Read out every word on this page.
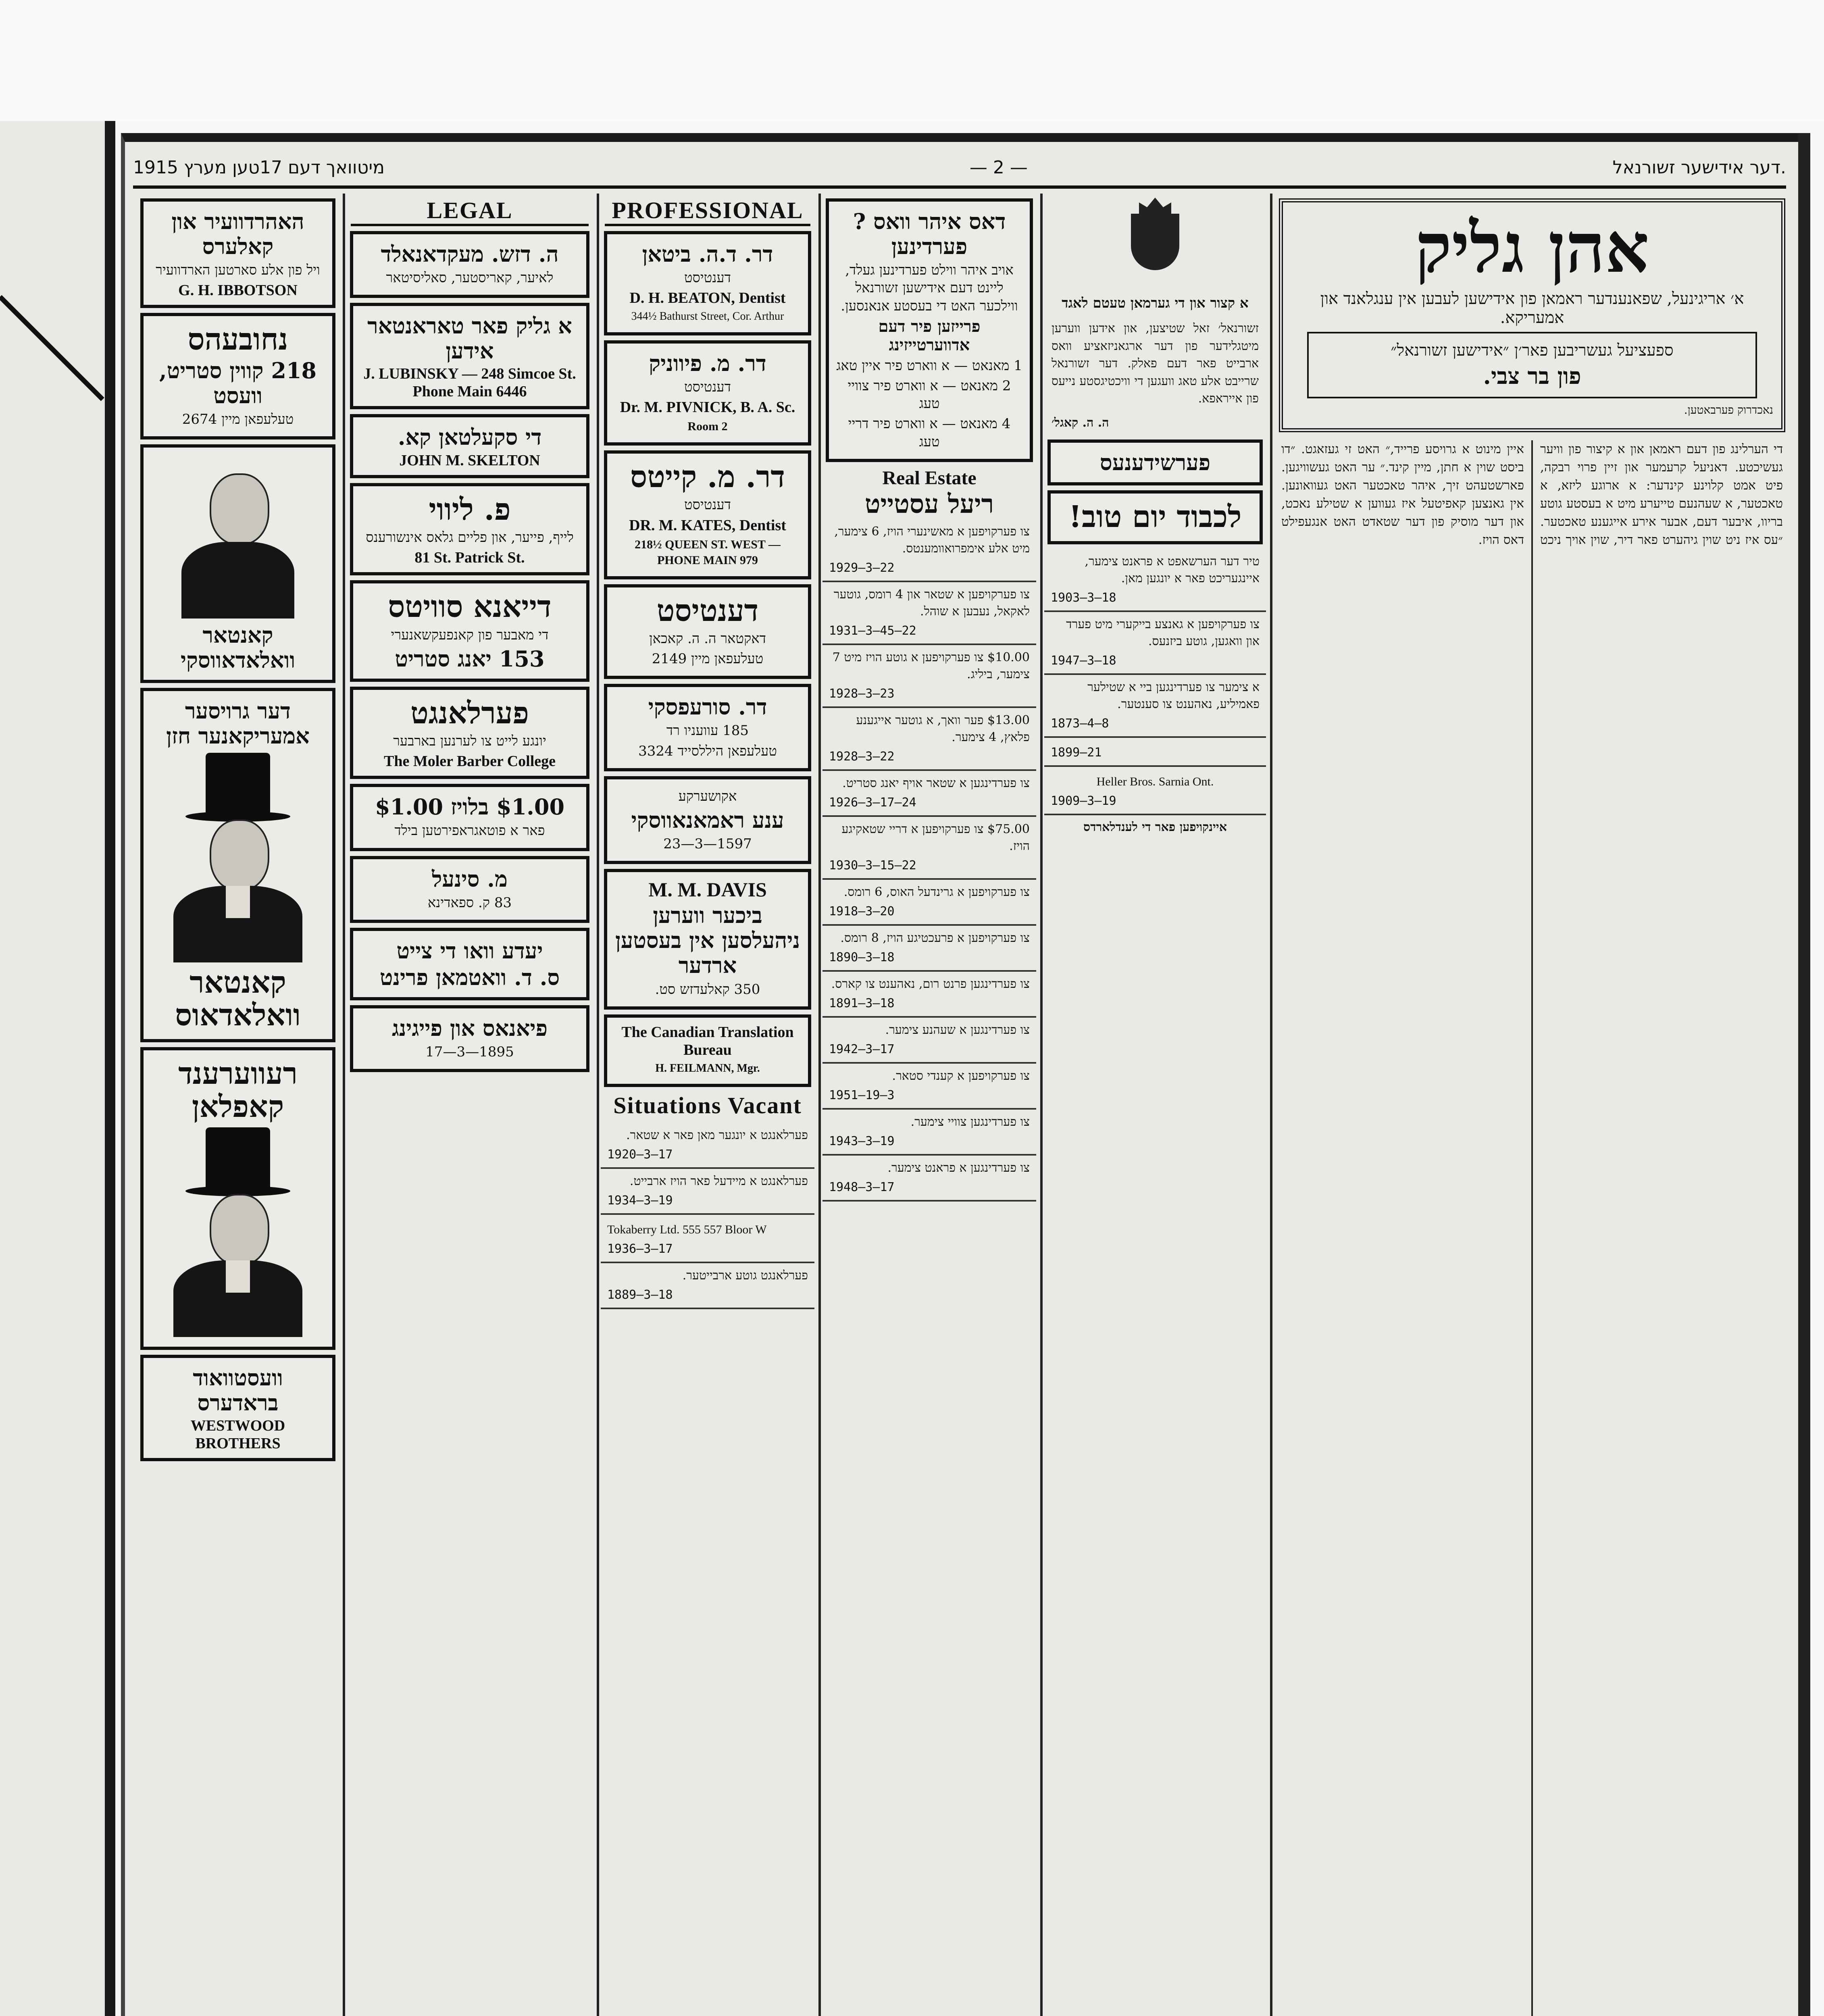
מיטוואך דעם 17טען מערץ 1915	— 2 —	דער אידישער זשורנאל.
האהרדוועיר און קאלערס

ויל פון אלע סארטען הארדוועיר

G. H. IBBOTSON
נחובעהס
218 קווין סטריט, וועסט

טעלעפאן מיין 2674

קאנטאר וואלאדאווסקי
דער גרויסער אמעריקאנער חזן
קאנטאר וואלאדאוס
רעווערענד קאפלאן
וועסטוואוד בראדערס
WESTWOOD BROTHERS
LEGAL
ה. דזש. מעקדאנאלד

לאיער, קאריסטער, סאליסיטאר

א גליק פאר טאראנטאר אידען
J. LUBINSKY — 248 Simcoe St. Phone Main 6446
די סקעלטאן קא.
JOHN M. SKELTON
פ. ליווי

לייף, פייער, און פליים גלאס אינשורענס

81 St. Patrick St.
דייאנא סוויטס

די מאבער פון קאנפעקשאנערי

153 יאנג סטריט
פערלאנגט

יונגע לייט צו לערנען בארבער

The Moler Barber College
$1.00 בלויז $1.00

פאר א פוטאגראפירטען בילד

מ. סינעל

83 ק. ספאדינא

יעדע וואו די צייט
ס. ד. וואטמאן פרינט
פיאנאס און פייגינג

1895—3—17

PROFESSIONAL
דר. ד.ה. ביטאן

דענטיסט

D. H. BEATON, Dentist

344½ Bathurst Street, Cor. Arthur

דר. מ. פיווניק

דענטיסט

Dr. M. PIVNICK, B. A. Sc.

Room 2

דר. מ. קייטס

דענטיסט

DR. M. KATES, Dentist

218½ QUEEN ST. WEST — PHONE MAIN 979

דענטיסט

דאקטאר ה. ה. קאכאן

טעלעפאן מיין 2149

דר. סורעפסקי

185 עוועניו רד

טעלעפאן היללסייד 3324

אקושערקע

ענע ראמאנאווסקי

1597—3—23

M. M. DAVIS
ביכער ווערען ניהעלסען אין בעסטען ארדער

350 קאלעדזש סט.

The Canadian Translation Bureau

H. FEILMANN, Mgr.

Situations Vacant
פערלאנגט א יונגער מאן פאר א שטאר.
1920—3—17
פערלאנגט א מיידעל פאר הויז ארבייט.
1934—3—19
Tokaberry Ltd. 555 557 Bloor W
1936—3—17
פערלאנגט גוטע ארבייטער.
1889—3—18
דאס איהר וואס ?פערדינען

אויב איהר ווילט פערדינען געלד, ליינט דעם אידישען זשורנאל ווילכער האט די בעסטע אנאנסען.

פרייזען פיר דעם אדווערטייזינג

1 מאנאט — א ווארט פיר איין טאג

2 מאנאט — א ווארט פיר צוויי טעג

4 מאנאט — א ווארט פיר דריי טעג

Real Estate
ריעל עסטייט
צו פערקויפען א מאשינערי הויז, 6 צימער, מיט אלע אימפרואוומענטס.
1929—3—22
צו פערקויפען א שטאר און 4 רומס, גוטער לאקאל, נעבען א שוהל.
1931—3—45—22
$10.00 צו פערקויפען א גוטע הויז מיט 7 צימער, ביליג.
1928—3—23
$13.00 פער וואך, א גוטער אייגענע פלאץ, 4 צימער.
1928—3—22
צו פערדינגען א שטאר אויף יאנג סטריט.
1926—3—17—24
$75.00 צו פערקויפען א דריי שטאקיגע הויז.
1930—3—15—22
צו פערקויפען א גרינדעל האוס, 6 רומס.
1918—3—20
צו פערקויפען א פרעכטיגע הויז, 8 רומס.
1890—3—18
צו פערדינגען פרנט רום, נאהענט צו קארס.
1891—3—18
צו פערדינגען א שעהנע צימער.
1942—3—17
צו פערקויפען א קענדי סטאר.
1951—19—3
צו פערדינגען צוויי צימער.
1943—3—19
צו פערדינגען א פראנט צימער.
1948—3—17
א קצור און די גערמאן טעטם לאגד
זשורנאל׳ זאל שטיצען, און אידען ווערען מיטגלידער פון דער ארגאניזאציע וואס ארבייט פאר דעם פאלק. דער זשורנאל שרייבט אלע טאג וועגען די וויכטיגסטע נייעס פון אייראפא.
ה. ה. קאגל׳
פערשידענעס
לכבוד יום טוב!
טיר דער הערשאפט א פראנט צימער, איינגעריכט פאר א יונגען מאן.
1903—3—18
צו פערקויפען א גאנצע בייקערי מיט פערד און וואגען, גוטע ביזנעס.
1947—3—18
א צימער צו פערדינגען ביי א שטילער פאמיליע, נאהענט צו סענטער.
1873—4—8
1899—21
Heller Bros. Sarnia Ont.
1909—3—19
איינקויפען פאר די לענדלארדס
אהן גליק

א׳ אריגינעל, שפאנענדער ראמאן פון אידישען לעבען אין ענגלאנד און אמעריקא.

ספעציעל געשריבען פאר׳ן ״אידישען זשורנאל״

פון בר צבי.

נאכדרוק פערבאטען.

די הערלינג פון דעם ראמאן און א קיצור פון וויער געשיכטע. דאניעל קרעמער און זיין פרוי רבקה, פיט אמט קלוינע קינדער: א ארוגע ליזא, א טאכטער, א שעהנעם טייערע מיט א בעסטע גוטע בריוו, איבער דעם, אבער אירע אייגענע טאכטער. ״עס איז ניט שוין גיהערט פאר דיר, שוין אויך ניכט איין מינוט א גרויסע פרייד,״ האט זי געזאגט. ״דו ביסט שוין א חתן, מיין קינד.״ ער האט געשוויגען. פארשטעהט זיך, איהר טאכטער האט געוואונען. אין גאנצען קאפיטעל איז געווען א שטילע נאכט, און דער מוסיק פון דער שטאדט האט אנגעפילט דאס הויז.
